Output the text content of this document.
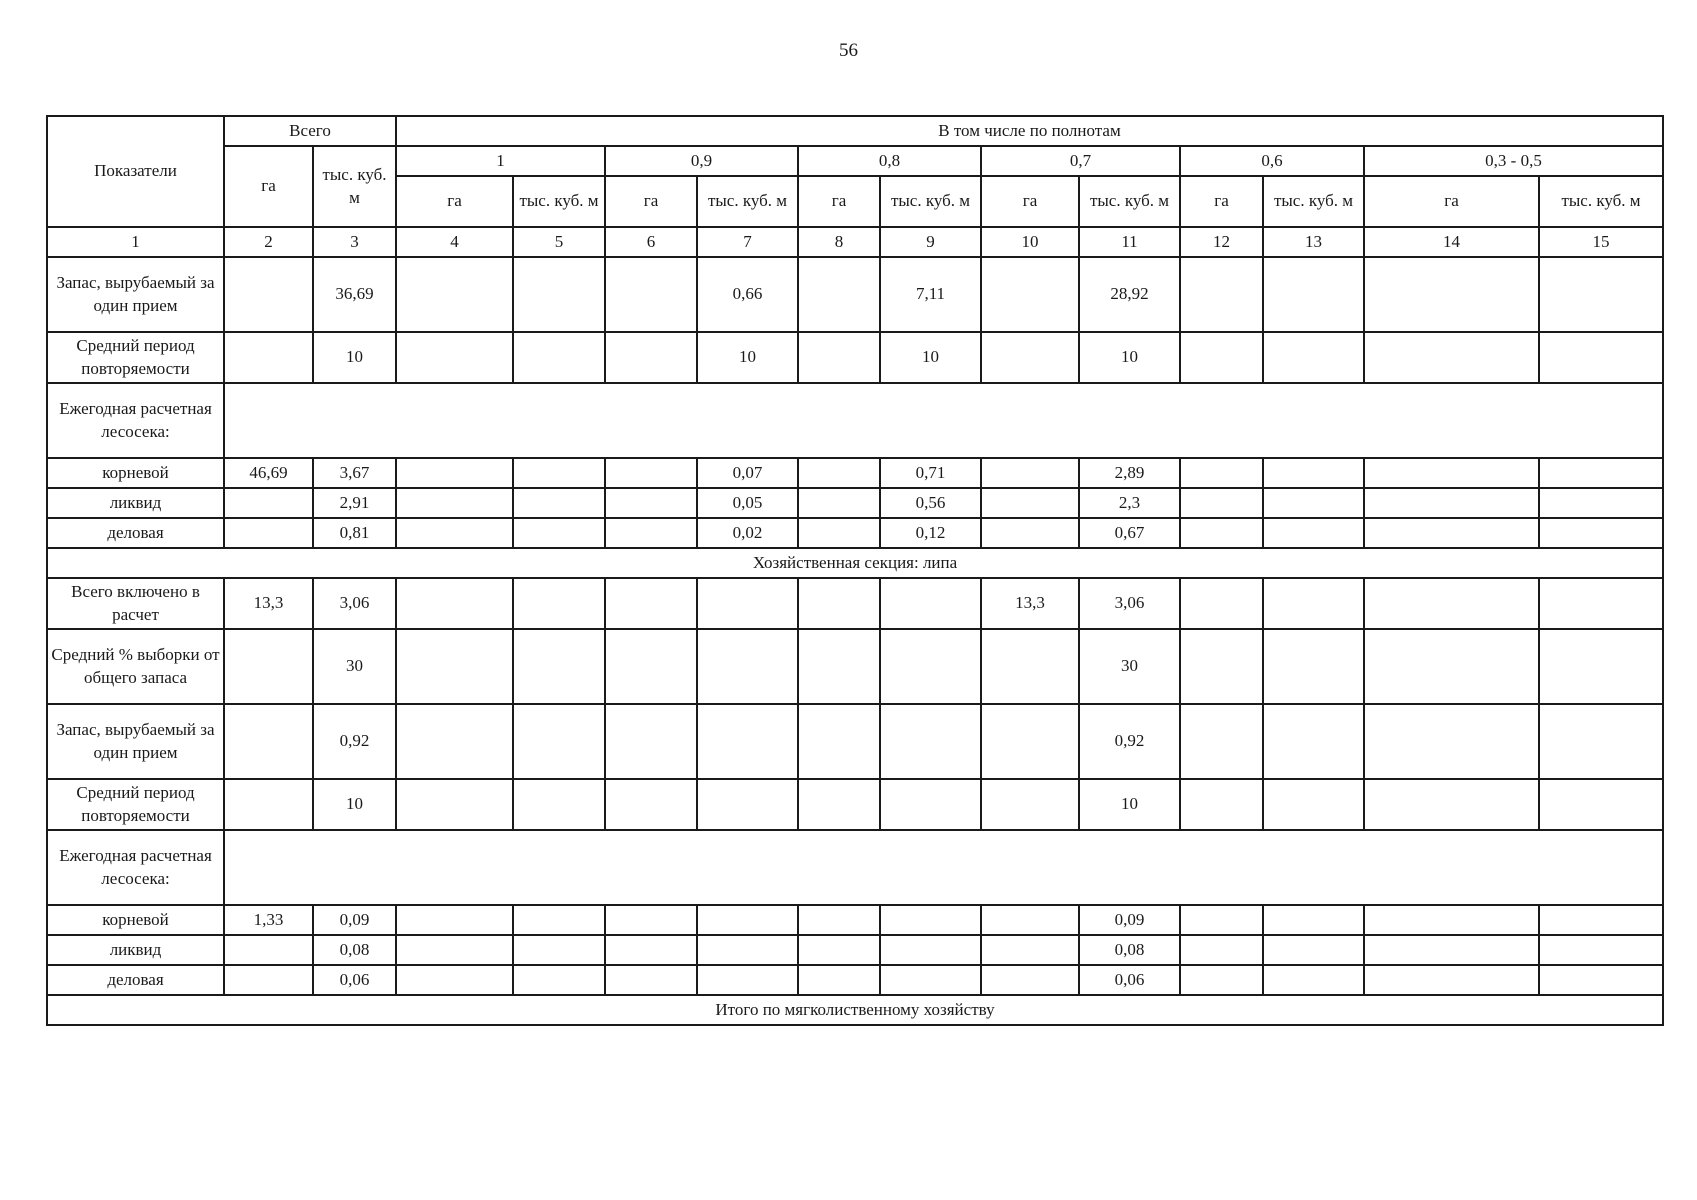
56
Показатели	Всего		В том числе по полнотам											
	га	тыс. куб. м	1		0,9		0,8		0,7		0,6		0,3 - 0,5	
			га	тыс. куб. м	га	тыс. куб. м	га	тыс. куб. м	га	тыс. куб. м	га	тыс. куб. м	га	тыс. куб. м
1	2	3	4	5	6	7	8	9	10	11	12	13	14	15
Запас, вырубаемый за один прием		36,69				0,66		7,11		28,92				
Средний период повторяемости		10				10		10		10				
Ежегодная расчетная лесосека:														
корневой	46,69	3,67				0,07		0,71		2,89				
ликвид		2,91				0,05		0,56		2,3				
деловая		0,81				0,02		0,12		0,67				
Хозяйственная секция: липа														
Всего включено в расчет	13,3	3,06							13,3	3,06				
Средний % выборки от общего запаса		30								30				
Запас, вырубаемый за один прием		0,92								0,92				
Средний период повторяемости		10								10				
Ежегодная расчетная лесосека:														
корневой	1,33	0,09								0,09				
ликвид		0,08								0,08				
деловая		0,06								0,06				
Итого по мягколиственному хозяйству														
